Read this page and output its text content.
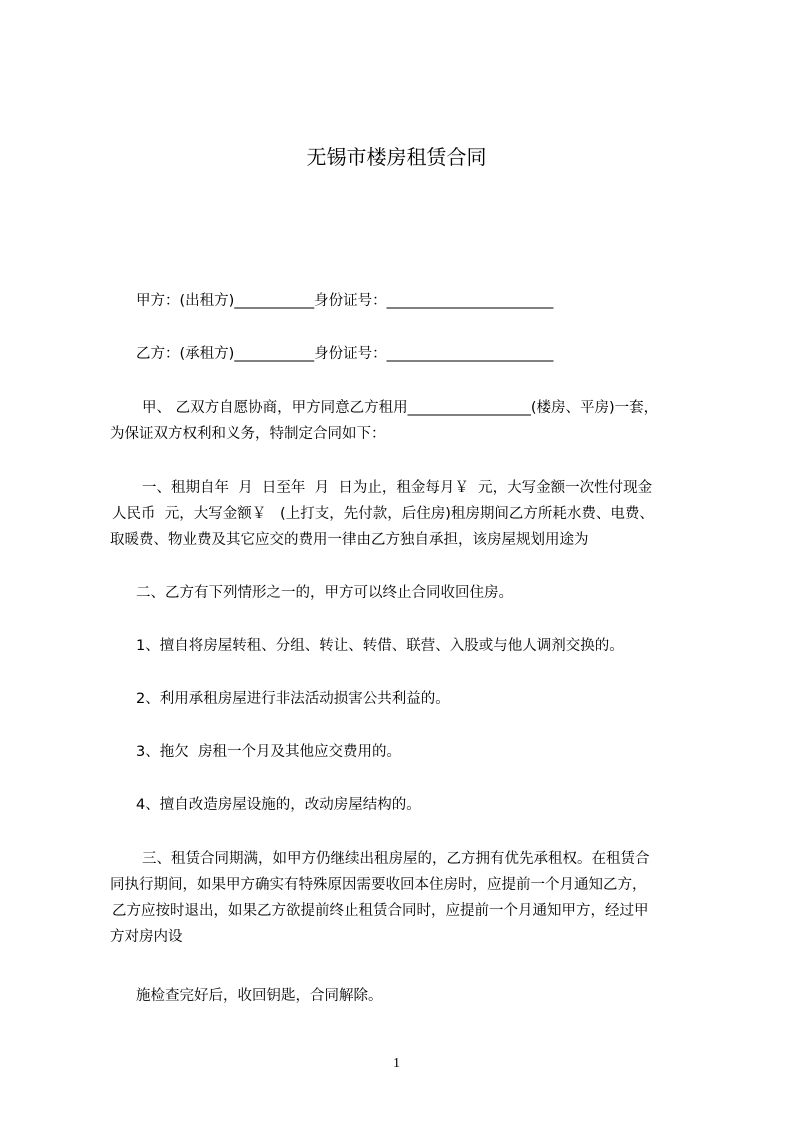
无锡市楼房租赁合同
甲方：(出租方)___________身份证号：_______________________
乙方：(承租方)___________身份证号：_______________________
甲、 乙双方自愿协商，甲方同意乙方租用_________________(楼房、平房)一套，
为保证双方权利和义务，特制定合同如下：
一、租期自年  月  日至年  月  日为止，租金每月￥  元，大写金额一次性付现金
人民币  元，大写金额￥   (上打支，先付款，后住房)租房期间乙方所耗水费、电费、
取暖费、物业费及其它应交的费用一律由乙方独自承担，该房屋规划用途为
二、乙方有下列情形之一的，甲方可以终止合同收回住房。
1、擅自将房屋转租、分组、转让、转借、联营、入股或与他人调剂交换的。
2、利用承租房屋进行非法活动损害公共利益的。
3、拖欠  房租一个月及其他应交费用的。
4、擅自改造房屋设施的，改动房屋结构的。
三、租赁合同期满，如甲方仍继续出租房屋的，乙方拥有优先承租权。在租赁合
同执行期间，如果甲方确实有特殊原因需要收回本住房时，应提前一个月通知乙方，
乙方应按时退出，如果乙方欲提前终止租赁合同时，应提前一个月通知甲方，经过甲
方对房内设
施检查完好后，收回钥匙，合同解除。
1
